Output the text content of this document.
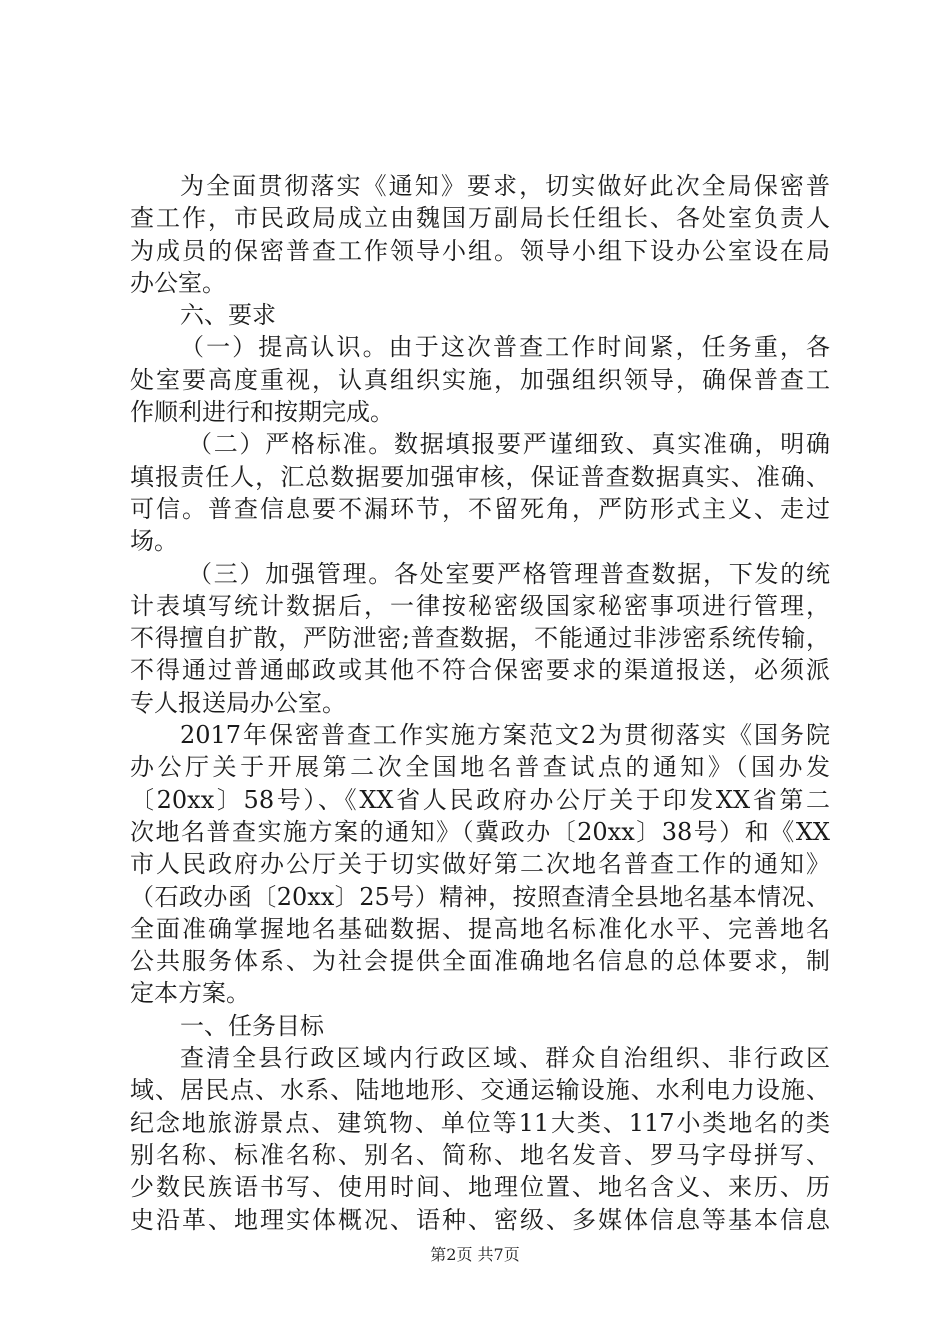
为全面贯彻落实《通知》要求，切实做好此次全局保密普
查工作，市民政局成立由魏国万副局长任组长、各处室负责人
为成员的保密普查工作领导小组。领导小组下设办公室设在局
办公室。
六、要求
（一）提高认识。由于这次普查工作时间紧，任务重，各
处室要高度重视，认真组织实施，加强组织领导，确保普查工
作顺利进行和按期完成。
（二）严格标准。数据填报要严谨细致、真实准确，明确
填报责任人，汇总数据要加强审核，保证普查数据真实、准确、
可信。普查信息要不漏环节，不留死角，严防形式主义、走过
场。
（三）加强管理。各处室要严格管理普查数据，下发的统
计表填写统计数据后，一律按秘密级国家秘密事项进行管理，
不得擅自扩散，严防泄密;普查数据，不能通过非涉密系统传输，
不得通过普通邮政或其他不符合保密要求的渠道报送，必须派
专人报送局办公室。
2017年保密普查工作实施方案范文2为贯彻落实《国务院
办公厅关于开展第二次全国地名普查试点的通知》（国办发
〔20xx〕58号）、《XX省人民政府办公厅关于印发XX省第二
次地名普查实施方案的通知》（冀政办〔20xx〕38号）和《XX
市人民政府办公厅关于切实做好第二次地名普查工作的通知》
（石政办函〔20xx〕25号）精神，按照查清全县地名基本情况、
全面准确掌握地名基础数据、提高地名标准化水平、完善地名
公共服务体系、为社会提供全面准确地名信息的总体要求，制
定本方案。
一、任务目标
查清全县行政区域内行政区域、群众自治组织、非行政区
域、居民点、水系、陆地地形、交通运输设施、水利电力设施、
纪念地旅游景点、建筑物、单位等11大类、117小类地名的类
别名称、标准名称、别名、简称、地名发音、罗马字母拼写、
少数民族语书写、使用时间、地理位置、地名含义、来历、历
史沿革、地理实体概况、语种、密级、多媒体信息等基本信息
第2页 共7页
